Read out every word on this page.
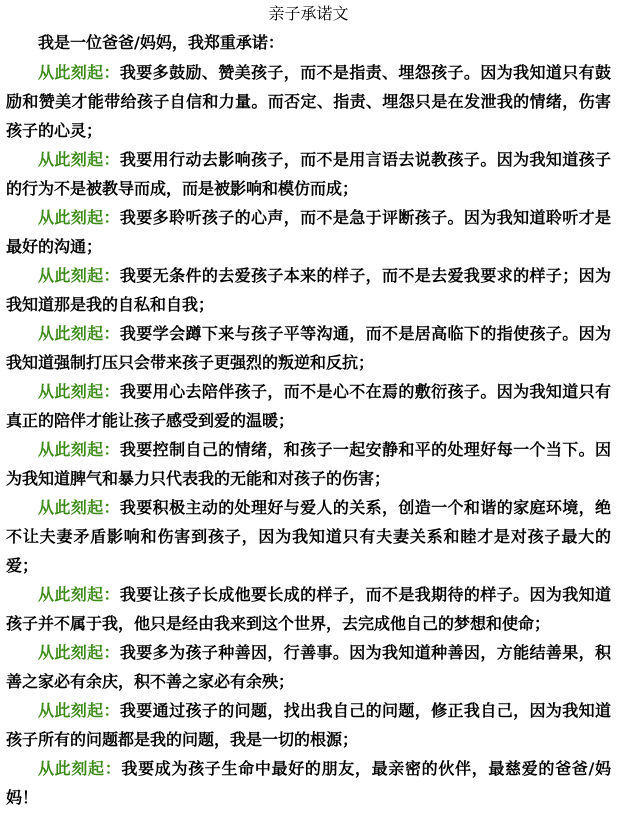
亲子承诺文

我是一位爸爸/妈妈，我郑重承诺：

从此刻起：我要多鼓励、赞美孩子，而不是指责、埋怨孩子。因为我知道只有鼓励和赞美才能带给孩子自信和力量。而否定、指责、埋怨只是在发泄我的情绪，伤害孩子的心灵；

从此刻起：我要用行动去影响孩子，而不是用言语去说教孩子。因为我知道孩子的行为不是被教导而成，而是被影响和模仿而成；

从此刻起：我要多聆听孩子的心声，而不是急于评断孩子。因为我知道聆听才是最好的沟通；

从此刻起：我要无条件的去爱孩子本来的样子，而不是去爱我要求的样子；因为我知道那是我的自私和自我；

从此刻起：我要学会蹲下来与孩子平等沟通，而不是居高临下的指使孩子。因为我知道强制打压只会带来孩子更强烈的叛逆和反抗；

从此刻起：我要用心去陪伴孩子，而不是心不在焉的敷衍孩子。因为我知道只有真正的陪伴才能让孩子感受到爱的温暖；

从此刻起：我要控制自己的情绪，和孩子一起安静和平的处理好每一个当下。因为我知道脾气和暴力只代表我的无能和对孩子的伤害；

从此刻起：我要积极主动的处理好与爱人的关系，创造一个和谐的家庭环境，绝不让夫妻矛盾影响和伤害到孩子，因为我知道只有夫妻关系和睦才是对孩子最大的爱；

从此刻起：我要让孩子长成他要长成的样子，而不是我期待的样子。因为我知道孩子并不属于我，他只是经由我来到这个世界，去完成他自己的梦想和使命；

从此刻起：我要多为孩子种善因，行善事。因为我知道种善因，方能结善果，积善之家必有余庆，积不善之家必有余殃；

从此刻起：我要通过孩子的问题，找出我自己的问题，修正我自己，因为我知道孩子所有的问题都是我的问题，我是一切的根源；

从此刻起：我要成为孩子生命中最好的朋友，最亲密的伙伴，最慈爱的爸爸/妈妈！
